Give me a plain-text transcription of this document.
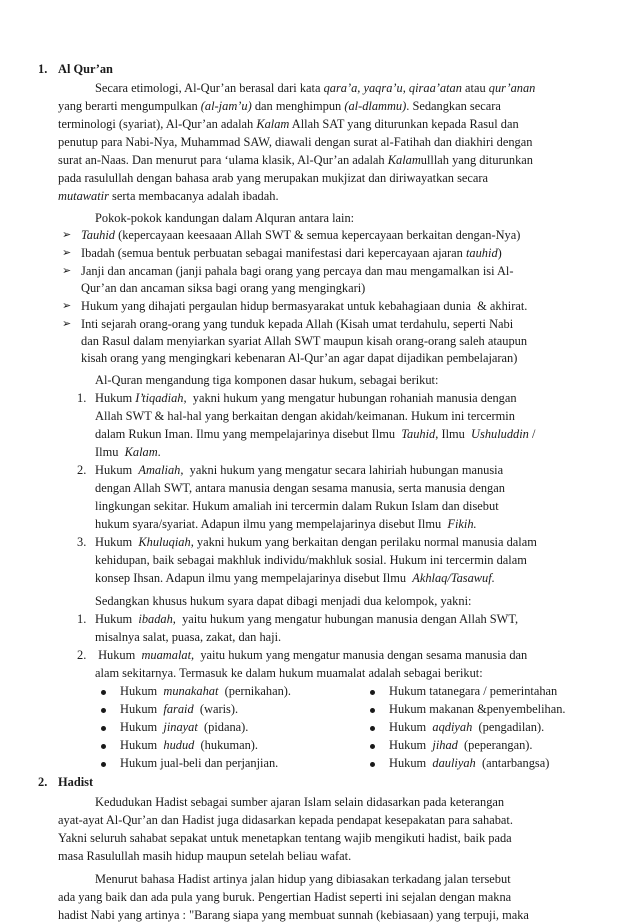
1. Al Qur’an
Secara etimologi, Al-Qur’an berasal dari kata qara’a, yaqra’u, qiraa’atan atau qur’anan
yang berarti mengumpulkan (al-jam’u) dan menghimpun (al-dlammu). Sedangkan secara
terminologi (syariat), Al-Qur’an adalah Kalam Allah SAT yang diturunkan kepada Rasul dan
penutup para Nabi-Nya, Muhammad SAW, diawali dengan surat al-Fatihah dan diakhiri dengan
surat an-Naas. Dan menurut para ‘ulama klasik, Al-Qur’an adalah Kalamulllah yang diturunkan
pada rasulullah dengan bahasa arab yang merupakan mukjizat dan diriwayatkan secara
mutawatir serta membacanya adalah ibadah.
Pokok-pokok kandungan dalam Alquran antara lain:
➢ Tauhid (kepercayaan keesaaan Allah SWT & semua kepercayaan berkaitan dengan-Nya)
➢ Ibadah (semua bentuk perbuatan sebagai manifestasi dari kepercayaan ajaran tauhid)
➢ Janji dan ancaman (janji pahala bagi orang yang percaya dan mau mengamalkan isi Al-
Qur’an dan ancaman siksa bagi orang yang mengingkari)
➢ Hukum yang dihajati pergaulan hidup bermasyarakat untuk kebahagiaan dunia  & akhirat.
➢ Inti sejarah orang-orang yang tunduk kepada Allah (Kisah umat terdahulu, seperti Nabi
dan Rasul dalam menyiarkan syariat Allah SWT maupun kisah orang-orang saleh ataupun
kisah orang yang mengingkari kebenaran Al-Qur’an agar dapat dijadikan pembelajaran)
Al-Quran mengandung tiga komponen dasar hukum, sebagai berikut:
1. Hukum I’tiqadiah,  yakni hukum yang mengatur hubungan rohaniah manusia dengan
Allah SWT & hal-hal yang berkaitan dengan akidah/keimanan. Hukum ini tercermin
dalam Rukun Iman. Ilmu yang mempelajarinya disebut Ilmu  Tauhid, Ilmu  Ushuluddin /
Ilmu  Kalam.
2. Hukum  Amaliah,  yakni hukum yang mengatur secara lahiriah hubungan manusia
dengan Allah SWT, antara manusia dengan sesama manusia, serta manusia dengan
lingkungan sekitar. Hukum amaliah ini tercermin dalam Rukun Islam dan disebut
hukum syara/syariat. Adapun ilmu yang mempelajarinya disebut Ilmu  Fikih.
3. Hukum  Khuluqiah, yakni hukum yang berkaitan dengan perilaku normal manusia dalam
kehidupan, baik sebagai makhluk individu/makhluk sosial. Hukum ini tercermin dalam
konsep Ihsan. Adapun ilmu yang mempelajarinya disebut Ilmu  Akhlaq/Tasawuf.
Sedangkan khusus hukum syara dapat dibagi menjadi dua kelompok, yakni:
1. Hukum  ibadah,  yaitu hukum yang mengatur hubungan manusia dengan Allah SWT,
misalnya salat, puasa, zakat, dan haji.
2. Hukum  muamalat,  yaitu hukum yang mengatur manusia dengan sesama manusia dan
alam sekitarnya. Termasuk ke dalam hukum muamalat adalah sebagai berikut:
Hukum  munakahat  (pernikahan).
Hukum  faraid  (waris).
Hukum  jinayat  (pidana).
Hukum  hudud  (hukuman).
Hukum jual-beli dan perjanjian.
Hukum tatanegara / pemerintahan
Hukum makanan &penyembelihan.
Hukum  aqdiyah  (pengadilan).
Hukum  jihad  (peperangan).
Hukum  dauliyah  (antarbangsa)
2. Hadist
Kedudukan Hadist sebagai sumber ajaran Islam selain didasarkan pada keterangan
ayat-ayat Al-Qur’an dan Hadist juga didasarkan kepada pendapat kesepakatan para sahabat.
Yakni seluruh sahabat sepakat untuk menetapkan tentang wajib mengikuti hadist, baik pada
masa Rasulullah masih hidup maupun setelah beliau wafat.
Menurut bahasa Hadist artinya jalan hidup yang dibiasakan terkadang jalan tersebut
ada yang baik dan ada pula yang buruk. Pengertian Hadist seperti ini sejalan dengan makna
hadist Nabi yang artinya : "Barang siapa yang membuat sunnah (kebiasaan) yang terpuji, maka
